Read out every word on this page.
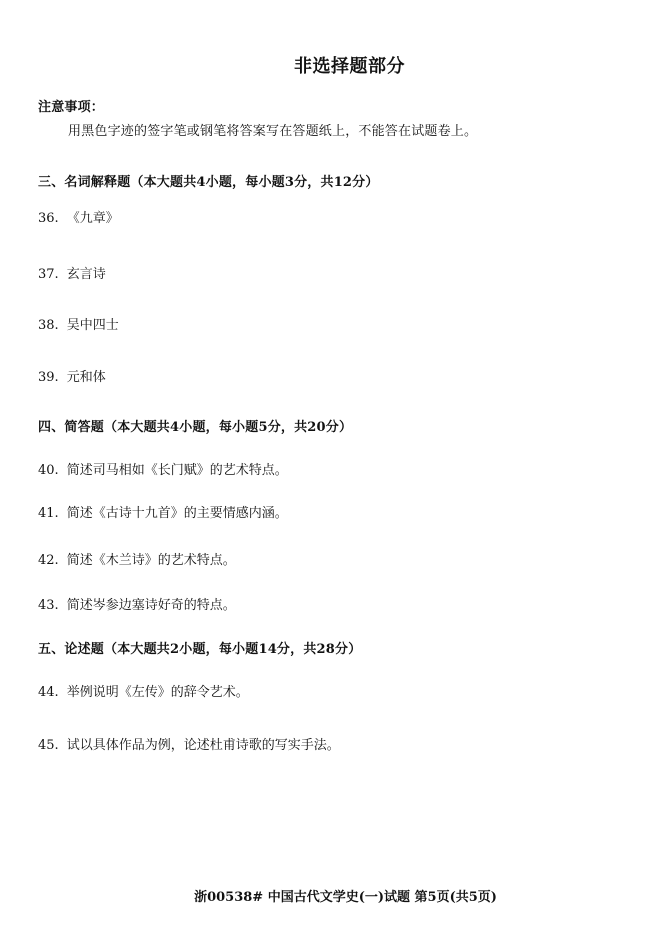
非选择题部分
注意事项：
用黑色字迹的签字笔或钢笔将答案写在答题纸上，不能答在试题卷上。
三、名词解释题（本大题共4小题，每小题3分，共12分）
36. 《九章》
37. 玄言诗
38. 吴中四士
39. 元和体
四、简答题（本大题共4小题，每小题5分，共20分）
40. 简述司马相如《长门赋》的艺术特点。
41. 简述《古诗十九首》的主要情感内涵。
42. 简述《木兰诗》的艺术特点。
43. 简述岑参边塞诗好奇的特点。
五、论述题（本大题共2小题，每小题14分，共28分）
44. 举例说明《左传》的辞令艺术。
45. 试以具体作品为例，论述杜甫诗歌的写实手法。
浙00538# 中国古代文学史(一)试题 第5页(共5页)
